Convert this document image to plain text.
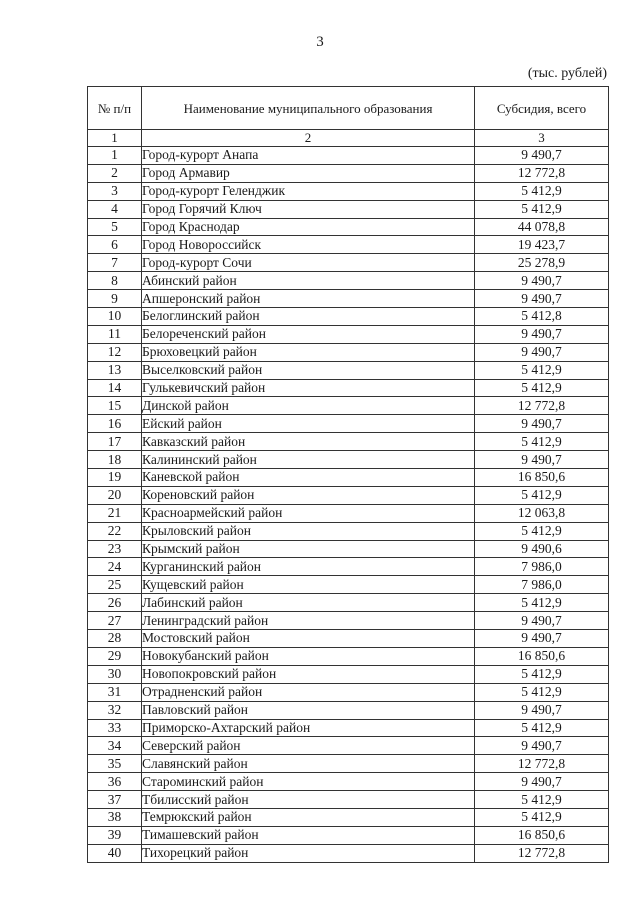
3
(тыс. рублей)
№ п/п	Наименование муниципального образования	Субсидия, всего
1	2	3
1	Город-курорт Анапа	9 490,7
2	Город Армавир	12 772,8
3	Город-курорт Геленджик	5 412,9
4	Город Горячий Ключ	5 412,9
5	Город Краснодар	44 078,8
6	Город Новороссийск	19 423,7
7	Город-курорт Сочи	25 278,9
8	Абинский район	9 490,7
9	Апшеронский район	9 490,7
10	Белоглинский район	5 412,8
11	Белореченский район	9 490,7
12	Брюховецкий район	9 490,7
13	Выселковский район	5 412,9
14	Гулькевичский район	5 412,9
15	Динской район	12 772,8
16	Ейский район	9 490,7
17	Кавказский район	5 412,9
18	Калининский район	9 490,7
19	Каневской район	16 850,6
20	Кореновский район	5 412,9
21	Красноармейский район	12 063,8
22	Крыловский район	5 412,9
23	Крымский район	9 490,6
24	Курганинский район	7 986,0
25	Кущевский район	7 986,0
26	Лабинский район	5 412,9
27	Ленинградский район	9 490,7
28	Мостовский район	9 490,7
29	Новокубанский район	16 850,6
30	Новопокровский район	5 412,9
31	Отрадненский район	5 412,9
32	Павловский район	9 490,7
33	Приморско-Ахтарский район	5 412,9
34	Северский район	9 490,7
35	Славянский район	12 772,8
36	Староминский район	9 490,7
37	Тбилисский район	5 412,9
38	Темрюкский район	5 412,9
39	Тимашевский район	16 850,6
40	Тихорецкий район	12 772,8
